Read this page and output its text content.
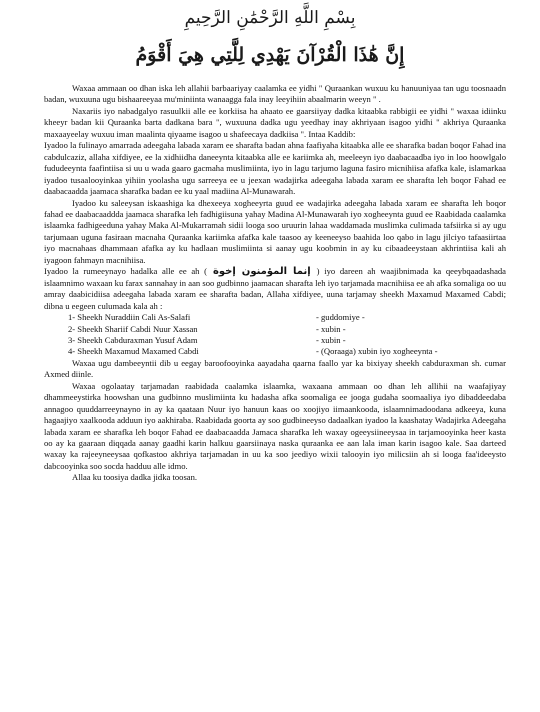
بِسْمِ اللَّهِ الرَّحْمَٰنِ الرَّحِيمِ
إِنَّ هَٰذَا الْقُرْآنَ يَهْدِي لِلَّتِي هِيَ أَقْوَمُ

Waxaa ammaan oo dhan iska leh allahii barbaariyay caalamka ee yidhi " Quraankan wuxuu ku hanuuniyaa tan ugu toosnaadn badan, wuxuuna ugu bishaareeyaa mu'miniinta wanaagga fala inay leeyihiin abaalmarin weeyn " .

Naxariis iyo nabadgalyo rasuulkii alle ee korkiisa ha ahaato ee gaarsiiyay dadka kitaabka rabbigii ee yidhi " waxaa idiinku kheeyr badan kii Quraanka barta dadkana bara ", wuxuuna dadka ugu yeedhay inay akhriyaan isagoo yidhi " akhriya Quraanka maxaayeelay wuxuu iman maalinta qiyaame isagoo u shafeecaya dadkiisa ". Intaa Kaddib:

Iyadoo la fulinayo amarrada adeegaha labada xaram ee sharafta badan ahna faafiyaha kitaabka alle ee sharafka badan boqor Fahad ina cabdulcaziz, allaha xifdiyee, ee la xidhiidha daneeynta kitaabka alle ee kariimka ah, meeleeyn iyo daabacaadba iyo in loo hoowlgalo fududeeynta faafintiisa si uu u wada gaaro gacmaha muslimiinta, iyo in lagu tarjumo laguna fasiro micnihiisa afafka kale, islamarkaa iyadoo tusaalooyinkaa yihiin yoolasha ugu sarreeya ee u jeexan wadajirka adeegaha labada xaram ee sharafta leh boqor Fahad ee daabacaadda jaamaca sharafka badan ee ku yaal madiina Al-Munawarah.

Iyadoo ku saleeysan iskaashiga ka dhexeeya xogheeyrta guud ee wadajirka adeegaha labada xaram ee sharafta leh boqor fahad ee daabacaaddda jaamaca sharafka leh fadhigiisuna yahay Madina Al-Munawarah iyo xogheeynta guud ee Raabidada caalamka islaamka fadhigeeduna yahay Maka Al-Mukarramah sidii looga soo uruurin lahaa waddamada muslimka culimada tafsiirka si ay ugu tarjumaan uguna fasiraan macnaha Quraanka kariimka afafka kale taasoo ay keeneeyso baahida loo qabo in lagu jilciyo tafaasiirtaa iyo macnahaas dhammaan afafka ay ku hadlaan muslimiinta si aanay ugu koobmin in ay ku cibaadeeystaan akhrintiisa kali ah iyagoon fahmayn macnihiisa.

Iyadoo la rumeeynayo hadalka alle ee ah ( إنما المؤمنون إخوة ) iyo dareen ah waajibnimada ka qeeybqaadashada islaamnimo waxaan ku farax sannahay in aan soo gudbinno jaamacan sharafta leh iyo tarjamada macnihiisa ee ah afka somaliga oo uu amray daabicidiisa adeegaha labada xaram ee sharafta badan, Allaha xifdiyee, uuna tarjamay sheekh Maxamud Maxamed Cabdi; dibna u eegeen culumada kala ah :

1- Sheekh Nuraddiin Cali As-Salafi	- guddomiye -
2- Sheekh Shariif Cabdi Nuur Xassan	- xubin -
3- Sheekh Cabduraxman Yusuf Adam	- xubin -
4- Sheekh Maxamud Maxamed Cabdi	- (Qoraaga) xubin iyo xogheeynta -

Waxaa ugu dambeeyntii dib u eegay baroofooyinka aayadaha qaarna faallo yar ka bixiyay sheekh cabduraxman sh. cumar Axmed diinle.

Waxaa ogolaatay tarjamadan raabidada caalamka islaamka, waxaana ammaan oo dhan leh allihii na waafajiyay dhammeeystirka hoowshan una gudbinno muslimiinta ku hadasha afka soomaliga ee jooga gudaha soomaaliya iyo dibaddeedaba annagoo quuddarreeynayno in ay ka qaataan Nuur iyo hanuun kaas oo xoojiyo iimaankooda, islaamnimadoodana adkeeya, kuna hagaajiyo xaalkooda adduun iyo aakhiraba. Raabidada goorta ay soo gudbineeyso dadaalkan iyadoo la kaashatay Wadajirka Adeegaha labada xaram ee sharafka leh boqor Fahad ee daabacaadda Jamaca sharafka leh waxay ogeeysiineeysaa in tarjamooyinka heer kasta oo ay ka gaaraan diqqada aanay gaadhi karin halkuu gaarsiinaya naska quraanka ee aan lala iman karin isagoo kale. Saa darteed waxay ka rajeeyneeysaa qofkastoo akhriya tarjamadan in uu ka soo jeediyo wixii talooyin iyo milicsiin ah si looga faa'ideeysto dabcooyinka soo socda hadduu alle idmo.

Allaa ku toosiya dadka jidka toosan.
